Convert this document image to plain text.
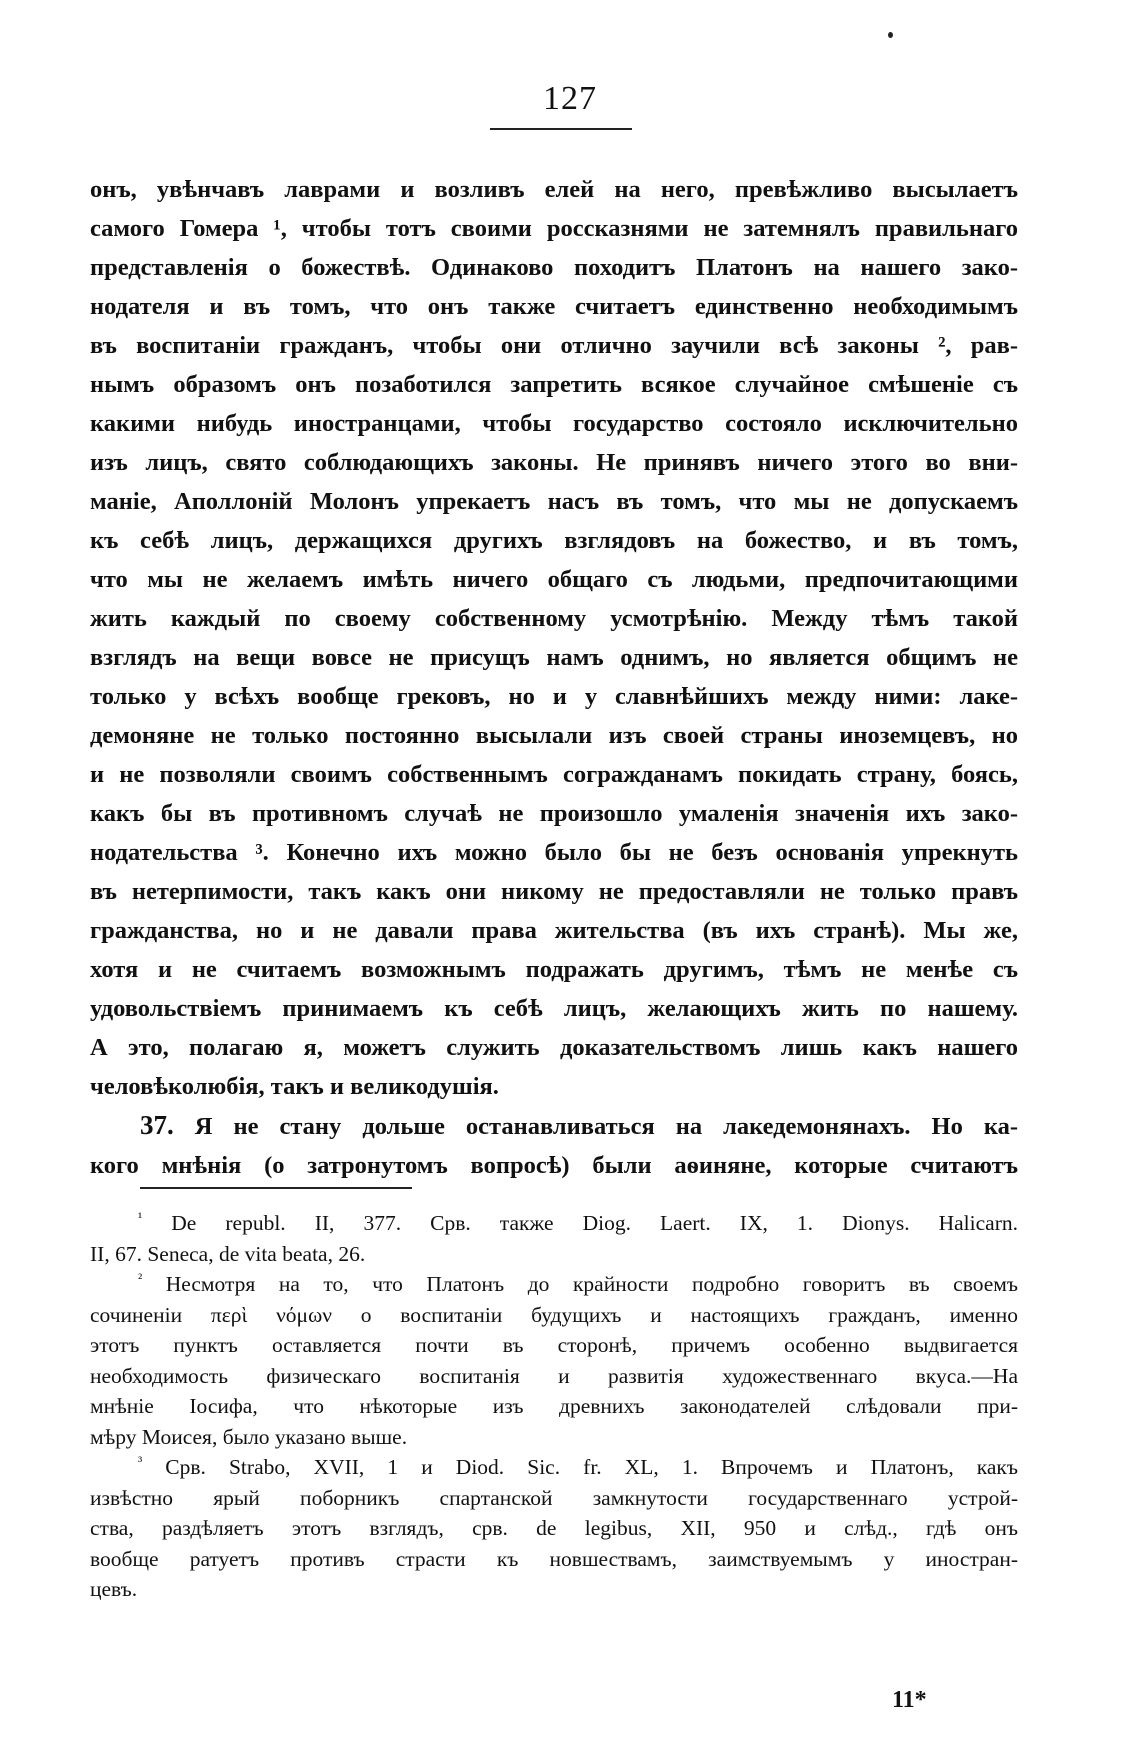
127

онъ, увѣнчавъ лаврами и возливъ елей на него, превѣжливо высылаетъ
самого Гомера ¹, чтобы тотъ своими россказнями не затемнялъ правильнаго
представленія о божествѣ. Одинаково походитъ Платонъ на нашего зако-
нодателя и въ томъ, что онъ также считаетъ единственно необходимымъ
въ воспитаніи гражданъ, чтобы они отлично заучили всѣ законы ², рав-
нымъ образомъ онъ позаботился запретить всякое случайное смѣшеніе съ
какими нибудь иностранцами, чтобы государство состояло исключительно
изъ лицъ, свято соблюдающихъ законы. Не принявъ ничего этого во вни-
маніе, Аполлоній Молонъ упрекаетъ насъ въ томъ, что мы не допускаемъ
къ себѣ лицъ, держащихся другихъ взглядовъ на божество, и въ томъ,
что мы не желаемъ имѣть ничего общаго съ людьми, предпочитающими
жить каждый по своему собственному усмотрѣнію. Между тѣмъ такой
взглядъ на вещи вовсе не присущъ намъ однимъ, но является общимъ не
только у всѣхъ вообще грековъ, но и у славнѣйшихъ между ними: лаке-
демоняне не только постоянно высылали изъ своей страны иноземцевъ, но
и не позволяли своимъ собственнымъ согражданамъ покидать страну, боясь,
какъ бы въ противномъ случаѣ не произошло умаленія значенія ихъ зако-
нодательства ³. Конечно ихъ можно было бы не безъ основанія упрекнуть
въ нетерпимости, такъ какъ они никому не предоставляли не только правъ
гражданства, но и не давали права жительства (въ ихъ странѣ). Мы же,
хотя и не считаемъ возможнымъ подражать другимъ, тѣмъ не менѣе съ
удовольствіемъ принимаемъ къ себѣ лицъ, желающихъ жить по нашему.
А это, полагаю я, можетъ служить доказательствомъ лишь какъ нашего
человѣколюбія, такъ и великодушія.

37. Я не стану дольше останавливаться на лакедемонянахъ. Но ка-
кого мнѣнія (о затронутомъ вопросѣ) были аѳиняне, которые считаютъ

$^{^1}$ De republ. II, 377. Срв. также Diog. Laert. IX, 1. Dionys. Halicarn.
II, 67. Seneca, de vita beata, 26.
$^{^2}$ Несмотря на то, что Платонъ до крайности подробно говоритъ въ своемъ
сочиненіи περὶ νόμων о воспитаніи будущихъ и настоящихъ гражданъ, именно
этотъ пунктъ оставляется почти въ сторонѣ, причемъ особенно выдвигается
необходимость физическаго воспитанія и развитія художественнаго вкуса.—На
мнѣніе Іосифа, что нѣкоторые изъ древнихъ законодателей слѣдовали при-
мѣру Моисея, было указано выше.
$^{^3}$ Срв. Strabo, XVII, 1 и Diod. Sic. fr. XL, 1. Впрочемъ и Платонъ, какъ
извѣстно ярый поборникъ спартанской замкнутости государственнаго устрой-
ства, раздѣляетъ этотъ взглядъ, срв. de legibus, XII, 950 и слѣд., гдѣ онъ
вообще ратуетъ противъ страсти къ новшествамъ, заимствуемымъ у иностран-
цевъ.
11*
